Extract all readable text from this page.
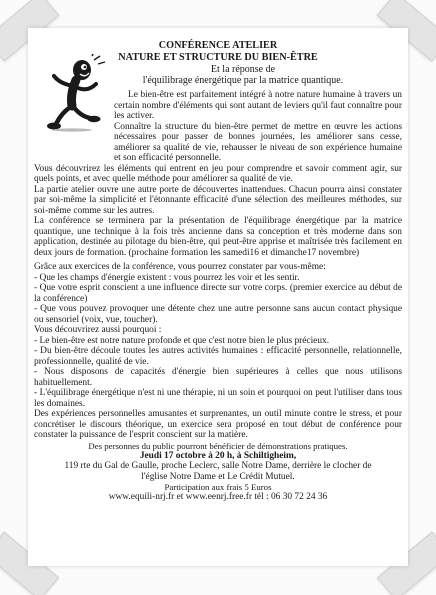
CONFÉRENCE ATELIER
NATURE ET STRUCTURE DU BIEN-ÊTRE
Et la réponse de
l'équilibrage énergétique par la matrice quantique.

Le bien-être est parfaitement intégré à notre nature humaine à travers un certain nombre d'éléments qui sont autant de leviers qu'il faut connaître pour les activer.

Connaître la structure du bien-être permet de mettre en œuvre les actions nécessaires pour passer de bonnes journées, les améliorer sans cesse, améliorer sa qualité de vie, rehausser le niveau de son expérience humaine et son efficacité personnelle.

Vous découvrirez les éléments qui entrent en jeu pour comprendre et savoir comment agir, sur quels points, et avec quelle méthode pour améliorer sa qualité de vie.

La partie atelier ouvre une autre porte de découvertes inattendues. Chacun pourra ainsi constater par soi-même la simplicité et l'étonnante efficacité d'une sélection des meilleures méthodes, sur soi-même comme sur les autres.

La conférence se terminera par la présentation de l'équilibrage énergétique par la matrice quantique, une technique à la fois très ancienne dans sa conception et très moderne dans son application, destinée au pilotage du bien-être, qui peut-être apprise et maîtrisée très facilement en deux jours de formation. (prochaine formation les samedi16 et dimanche17 novembre)

Grâce aux exercices de la conférence, vous pourrez constater par vous-même:

- Que les champs d'énergie existent : vous pourrez les voir et les sentir.

- Que votre esprit conscient a une influence directe sur votre corps. (premier exercice au début de la conférence)

- Que vous pouvez provoquer une détente chez une autre personne sans aucun contact physique ou sensoriel (voix, vue, toucher).

Vous découvrirez aussi pourquoi :

- Le bien-être est notre nature profonde et que c'est notre bien le plus précieux.

- Du bien-être découle toutes les autres activités humaines : efficacité personnelle, relationnelle, professionnelle, qualité de vie.

- Nous disposons de capacités d'énergie bien supérieures à celles que nous utilisons habituellement.

- L'équilibrage énergétique n'est ni une thérapie, ni un soin et pourquoi on peut l'utiliser dans tous les domaines.

Des expériences personnelles amusantes et surprenantes, un outil minute contre le stress, et pour concrétiser le discours théorique, un exercice sera proposé en tout début de conférence pour constater la puissance de l'esprit conscient sur la matière.

Des personnes du public pourront bénéficier de démonstrations pratiques.

Jeudi 17 octobre à 20 h, à Schiltigheim,

119 rte du Gal de Gaulle, proche Leclerc, salle Notre Dame, derrière le clocher de l'église Notre Dame et Le Crédit Mutuel.

Participation aux frais 5 Euros

www.equili-nrj.fr et www.eenrj.free.fr tél : 06 30 72 24 36
